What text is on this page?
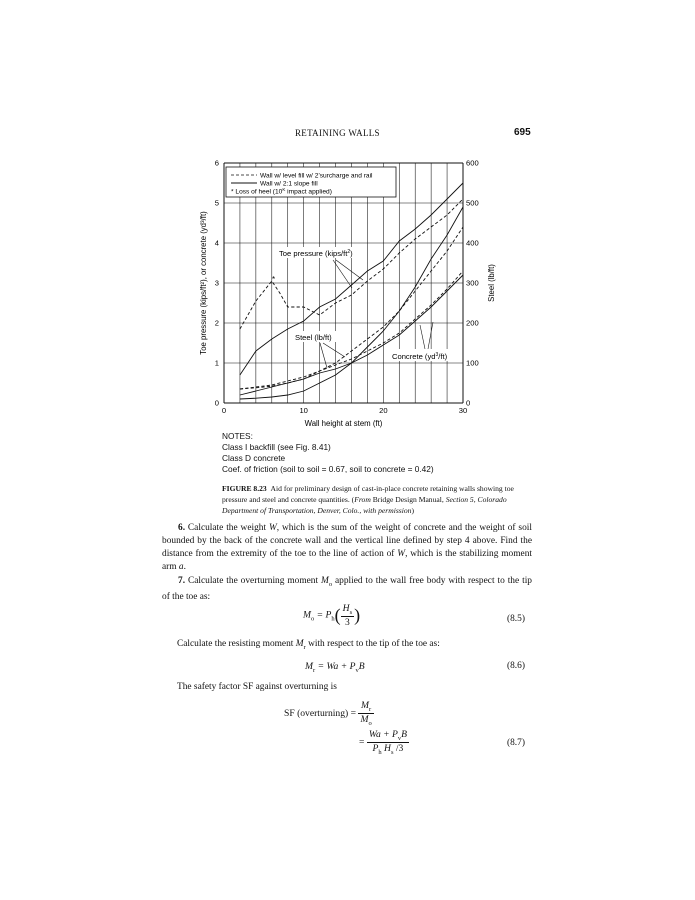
RETAINING WALLS	695
0	10	20	30
0
1
2
3
4
5
6
0
100
200
300
400
500
600
Wall height at stem (ft)
Toe pressure (kips/ft²), or concrete (yd³/ft)	Steel (lb/ft)
Wall w/ level fill w/ 2’surcharge and rail
Wall w/ 2:1 slope fill
* Loss of heel ($10^K$ impact applied)
Toe pressure $(kips/ft^2)$
Steel (lb/ft)
Concrete $(yd^3/ft)$
*
NOTES:
Class I backfill (see Fig. 8.41)
Class D concrete
Coef. of friction (soil to soil = 0.67, soil to concrete = 0.42)
FIGURE 8.23 Aid for preliminary design of cast-in-place concrete retaining walls showing toe pressure and steel and concrete quantities. (From Bridge Design Manual, Section 5, Colorado Department of Transportation, Denver, Colo., with permission)
6. Calculate the weight W, which is the sum of the weight of concrete and the weight of soil bounded by the back of the concrete wall and the vertical line defined by step 4 above. Find the distance from the extremity of the toe to the line of action of W, which is the stabilizing moment arm a.
7. Calculate the overturning moment $M_o$ applied to the wall free body with respect to the tip of the toe as:
$M_o = P_h( \frac{H_s}{3}$ )	(8.5)
Calculate the resisting moment $M_r$ with respect to the tip of the toe as:
$M_r = Wa + P_vB$	(8.6)
The safety factor SF against overturning is
SF (overturning) = $\frac{M_r}{M_o}$
= $\frac{Wa + P_vB}{P_h H_s /3}$	(8.7)
